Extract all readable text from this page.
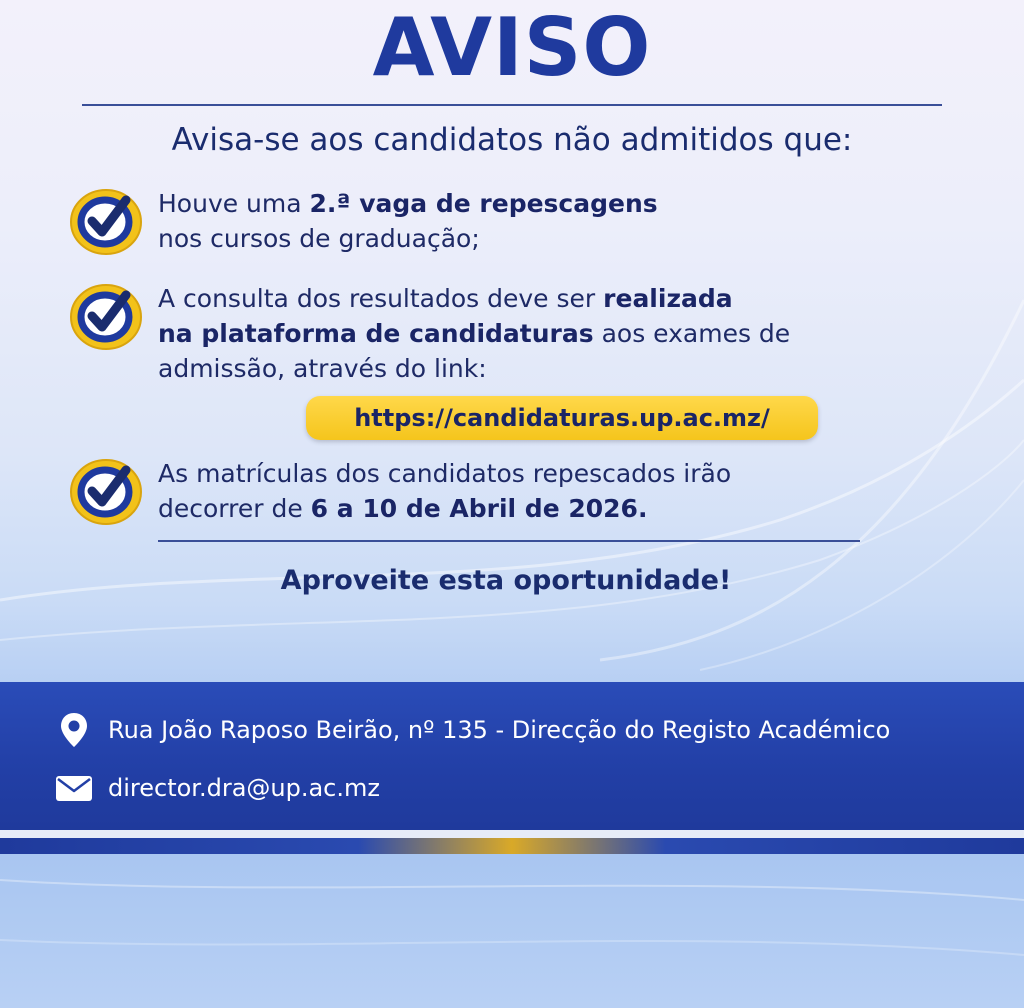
AVISO
Avisa-se aos candidatos não admitidos que:
Houve uma 2.ª vaga de repescagens
nos cursos de graduação;
A consulta dos resultados deve ser realizada
na plataforma de candidaturas aos exames de
admissão, através do link:
https://candidaturas.up.ac.mz/
As matrículas dos candidatos repescados irão
decorrer de 6 a 10 de Abril de 2026.
Aproveite esta oportunidade!
Rua João Raposo Beirão, nº 135 - Direcção do Registo Académico
director.dra@up.ac.mz
